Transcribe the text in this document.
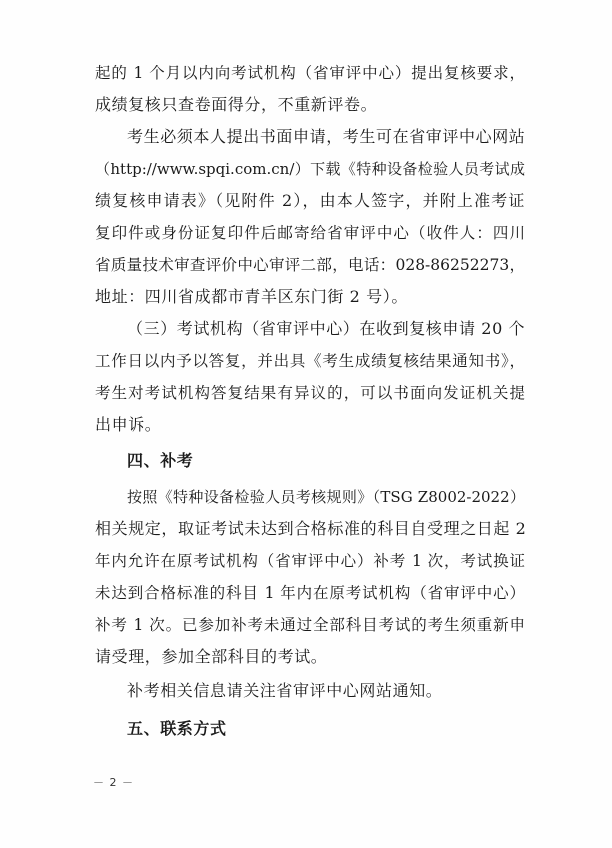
起的 1 个月以内向考试机构（省审评中心）提出复核要求，
成绩复核只查卷面得分，不重新评卷。
考生必须本人提出书面申请，考生可在省审评中心网站
（http://www.spqi.com.cn/）下载《特种设备检验人员考试成
绩复核申请表》（见附件 2），由本人签字，并附上准考证
复印件或身份证复印件后邮寄给省审评中心（收件人：四川
省质量技术审查评价中心审评二部，电话：028-86252273，
地址：四川省成都市青羊区东门街 2 号）。
（三）考试机构（省审评中心）在收到复核申请 20 个
工作日以内予以答复，并出具《考生成绩复核结果通知书》，
考生对考试机构答复结果有异议的，可以书面向发证机关提
出申诉。
四、补考
按照《特种设备检验人员考核规则》（TSG Z8002-2022）
相关规定，取证考试未达到合格标准的科目自受理之日起 2
年内允许在原考试机构（省审评中心）补考 1 次，考试换证
未达到合格标准的科目 1 年内在原考试机构（省审评中心）
补考 1 次。已参加补考未通过全部科目考试的考生须重新申
请受理，参加全部科目的考试。
补考相关信息请关注省审评中心网站通知。
五、联系方式
－ 2 －
